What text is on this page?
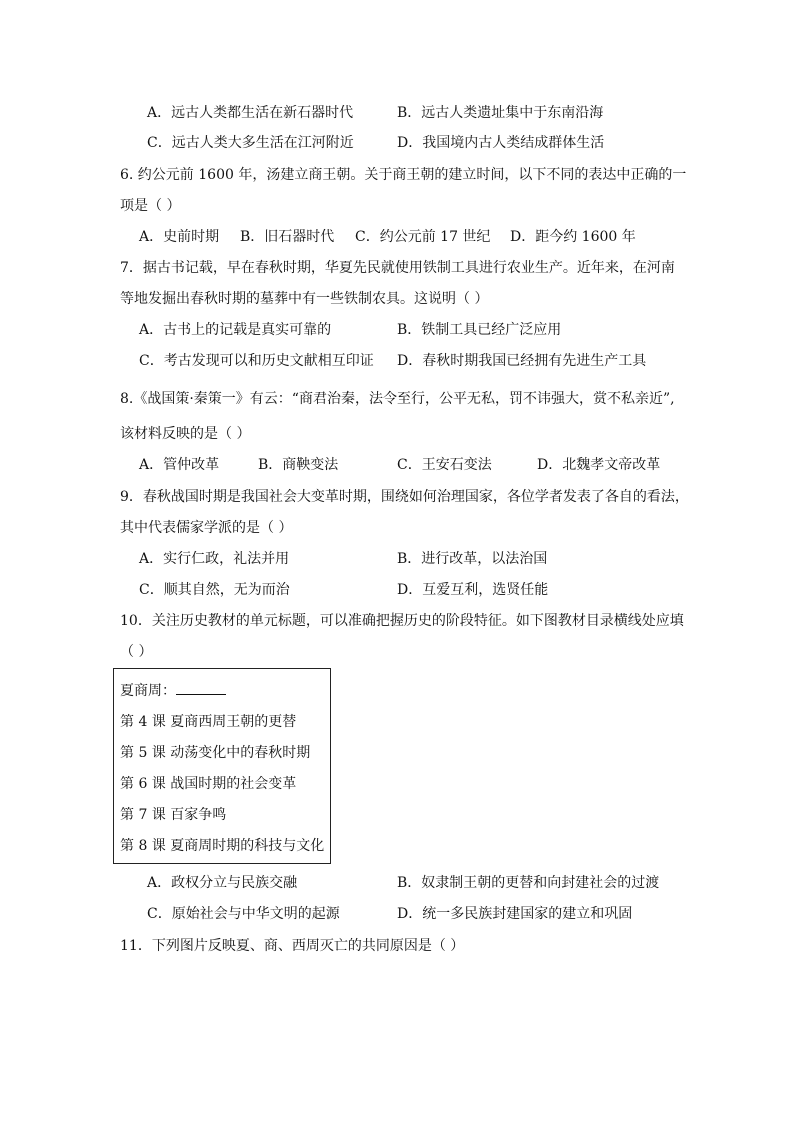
A．远古人类都生活在新石器时代	B．远古人类遗址集中于东南沿海
C．远古人类大多生活在江河附近	D．我国境内古人类结成群体生活
6. 约公元前 1600 年，汤建立商王朝。关于商王朝的建立时间，以下不同的表达中正确的一
项是（ ）
A．史前时期 B．旧石器时代 C．约公元前 17 世纪 D．距今约 1600 年
7．据古书记载，早在春秋时期，华夏先民就使用铁制工具进行农业生产。近年来，在河南
等地发掘出春秋时期的墓葬中有一些铁制农具。这说明（ ）
A．古书上的记载是真实可靠的	B．铁制工具已经广泛应用
C．考古发现可以和历史文献相互印证 D．春秋时期我国已经拥有先进生产工具
8.《战国策·秦策一》有云：“商君治秦，法令至行，公平无私，罚不讳强大，赏不私亲近”,
该材料反映的是（ ）
A．管仲改革	B．商鞅变法	C．王安石变法	D．北魏孝文帝改革
9．春秋战国时期是我国社会大变革时期，围绕如何治理国家，各位学者发表了各自的看法，
其中代表儒家学派的是（ ）
A．实行仁政，礼法并用	B．进行改革，以法治国
C．顺其自然，无为而治	D．互爱互利，选贤任能
10．关注历史教材的单元标题，可以准确把握历史的阶段特征。如下图教材目录横线处应填
（ ）
夏商周：
第 4 课 夏商西周王朝的更替
第 5 课 动荡变化中的春秋时期
第 6 课 战国时期的社会变革
第 7 课 百家争鸣
第 8 课 夏商周时期的科技与文化
A．政权分立与民族交融	B．奴隶制王朝的更替和向封建社会的过渡
C．原始社会与中华文明的起源	D．统一多民族封建国家的建立和巩固
11．下列图片反映夏、商、西周灭亡的共同原因是（ ）
